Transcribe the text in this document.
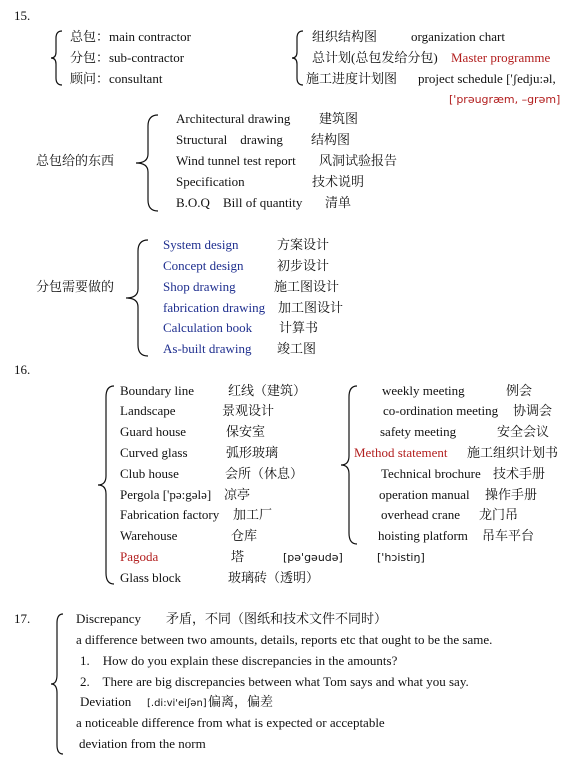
15.
总包：main contractor
分包：sub-contractor
顾问：consultant
组织结构图	organization chart
总计划(总包发给分包) Master programme
施工进度计划图 project schedule ['ʃedju:əl,
['prəugræm, –grəm]
总包给的东西
Architectural drawing 建筑图
Structural    drawing 结构图
Wind tunnel test report 风洞试验报告
Specification	技术说明
B.O.Q    Bill of quantity 清单
分包需要做的
System design	方案设计
Concept design	初步设计
Shop drawing	施工图设计
fabrication drawing 加工图设计
Calculation book 计算书
As-built drawing 竣工图
16.
Boundary line	红线（建筑）
Landscape	景观设计
Guard house	保安室
Curved glass	弧形玻璃
Club house	会所（休息）
Pergola ['pə:gələ] 凉亭
Fabrication factory 加工厂
Warehouse	仓库
Pagoda	塔	[pə'gəudə]	['hɔistiŋ]
Glass block	玻璃砖（透明）
weekly meeting	例会
co-ordination meeting 协调会
safety meeting	安全会议
Method statement 施工组织计划书
Technical brochure 技术手册
operation manual 操作手册
overhead crane 龙门吊
hoisting platform 吊车平台
17.	Discrepancy 矛盾，不同（图纸和技术文件不同时）
a difference between two amounts, details, reports etc that ought to be the same.
1.    How do you explain these discrepancies in the amounts?
2.    There are big discrepancies between what Tom says and what you say.
Deviation [.di:vi'eiʃən] 偏离，偏差
a noticeable difference from what is expected or acceptable
deviation from the norm
